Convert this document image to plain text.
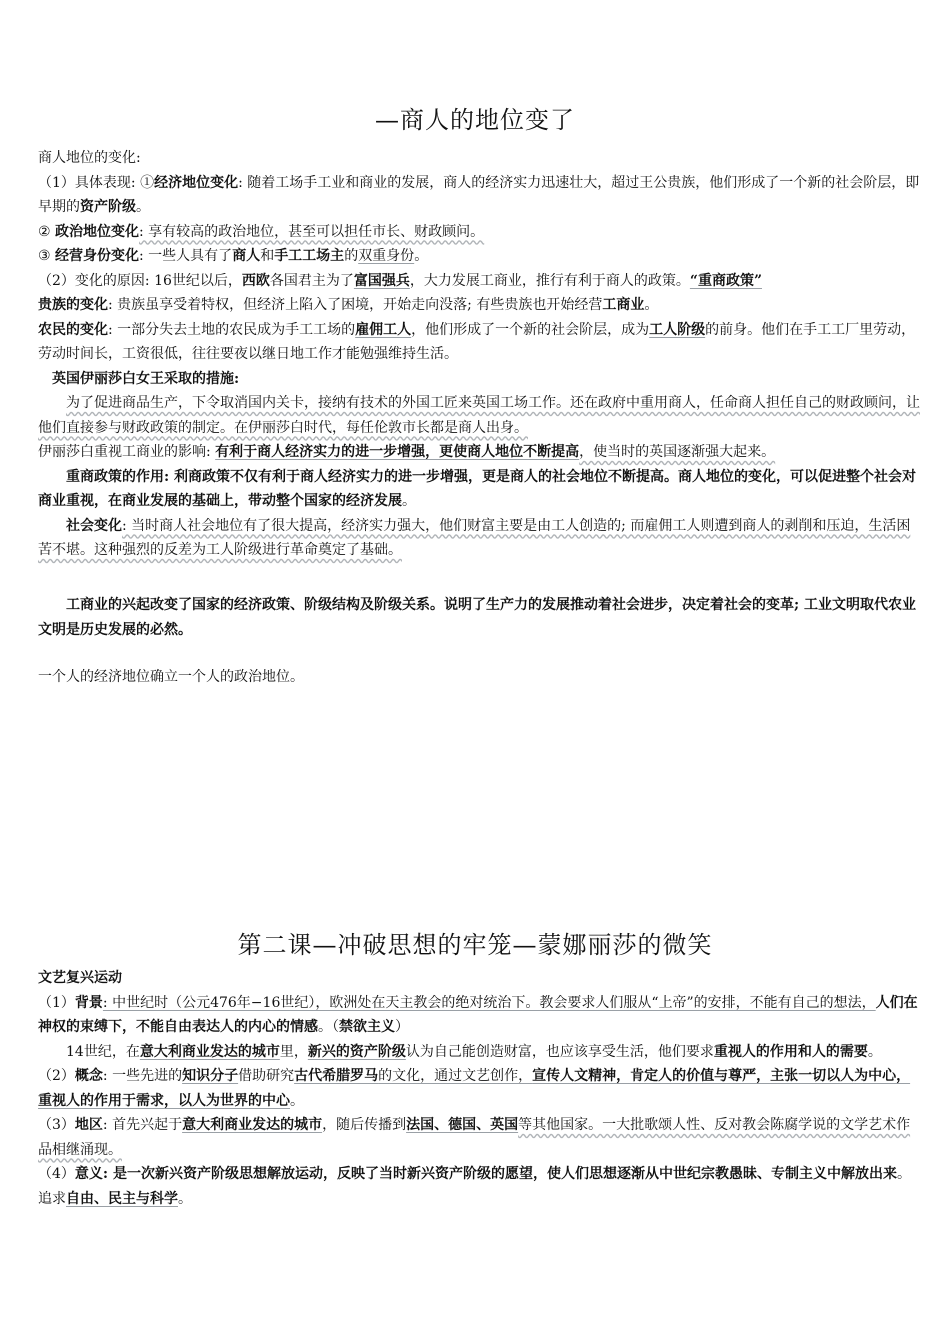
—商人的地位变了

商人地位的变化:

（1）具体表现: ①经济地位变化: 随着工场手工业和商业的发展，商人的经济实力迅速壮大，超过王公贵族，他们形成了一个新的社会阶层，即早期的资产阶级。

② 政治地位变化: 享有较高的政治地位，甚至可以担任市长、财政顾问。

③ 经营身份变化: 一些人具有了商人和手工工场主的双重身份。

（2）变化的原因: 16世纪以后，西欧各国君主为了富国强兵，大力发展工商业，推行有利于商人的政策。“重商政策”

贵族的变化: 贵族虽享受着特权，但经济上陷入了困境，开始走向没落; 有些贵族也开始经营工商业。

农民的变化: 一部分失去土地的农民成为手工工场的雇佣工人，他们形成了一个新的社会阶层，成为工人阶级的前身。他们在手工工厂里劳动，劳动时间长，工资很低，往往要夜以继日地工作才能勉强维持生活。

英国伊丽莎白女王采取的措施:

为了促进商品生产，下令取消国内关卡，接纳有技术的外国工匠来英国工场工作。还在政府中重用商人，任命商人担任自己的财政顾问，让他们直接参与财政政策的制定。在伊丽莎白时代，每任伦敦市长都是商人出身。

伊丽莎白重视工商业的影响: 有利于商人经济实力的进一步增强，更使商人地位不断提高，使当时的英国逐渐强大起来。

重商政策的作用: 利商政策不仅有利于商人经济实力的进一步增强，更是商人的社会地位不断提高。商人地位的变化，可以促进整个社会对商业重视，在商业发展的基础上，带动整个国家的经济发展。

社会变化: 当时商人社会地位有了很大提高，经济实力强大，他们财富主要是由工人创造的; 而雇佣工人则遭到商人的剥削和压迫，生活困苦不堪。这种强烈的反差为工人阶级进行革命奠定了基础。

工商业的兴起改变了国家的经济政策、阶级结构及阶级关系。说明了生产力的发展推动着社会进步，决定着社会的变革; 工业文明取代农业文明是历史发展的必然。

一个人的经济地位确立一个人的政治地位。

第二课—冲破思想的牢笼—蒙娜丽莎的微笑

文艺复兴运动

（1）背景: 中世纪时（公元476年−16世纪），欧洲处在天主教会的绝对统治下。教会要求人们服从“上帝”的安排，不能有自己的想法，人们在神权的束缚下，不能自由表达人的内心的情感。（禁欲主义）

14世纪，在意大利商业发达的城市里，新兴的资产阶级认为自己能创造财富，也应该享受生活，他们要求重视人的作用和人的需要。

（2）概念: 一些先进的知识分子借助研究古代希腊罗马的文化，通过文艺创作，宣传人文精神，肯定人的价值与尊严，主张一切以人为中心，重视人的作用于需求，以人为世界的中心。

（3）地区: 首先兴起于意大利商业发达的城市，随后传播到法国、德国、英国等其他国家。一大批歌颂人性、反对教会陈腐学说的文学艺术作品相继涌现。

（4）意义: 是一次新兴资产阶级思想解放运动，反映了当时新兴资产阶级的愿望，使人们思想逐渐从中世纪宗教愚昧、专制主义中解放出来。追求自由、民主与科学。
